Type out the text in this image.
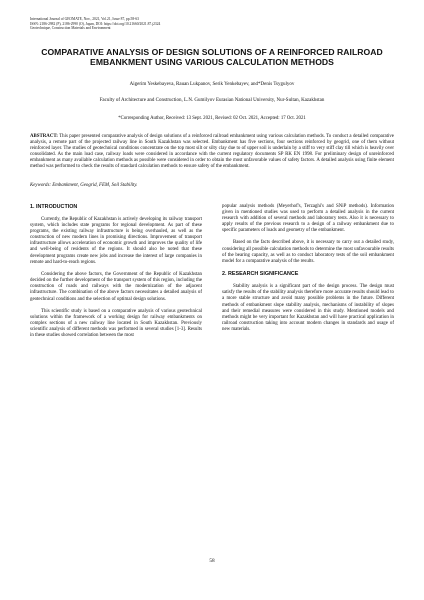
International Journal of GEOMATE, Nov., 2021, Vol.21, Issue 87, pp.58-63
ISSN: 2186-2982 (P), 2186-2990 (O), Japan, DOI: https://doi.org/10.21660/2021.87.j2324
Geotechnique, Construction Materials and Environment
COMPARATIVE ANALYSIS OF DESIGN SOLUTIONS OF A REINFORCED RAILROAD EMBANKMENT USING VARIOUS CALCULATION METHODS
Aigerim Yeskebayeva, Rauan Lukpanov, Serik Yenkebayev, and*Denis Tsygulyov
Faculty of Architecture and Construction, L.N. Gumilyov Eurasian National University, Nur-Sultan, Kazakhstan
*Corresponding Author, Received: 13 Sept. 2021, Revised: 02 Oct. 2021, Accepted: 17 Oct. 2021
ABSTRACT: This paper presented comparative analysis of design solutions of a reinforced railroad embankment using various calculation methods. To conduct a detailed comparative analysis, a remote part of the projected railway line in South Kazakhstan was selected. Embankment has five sections, four sections reinforced by geogrid, one of them without reinforced layer. The studies of geotechnical conditions concentrate on the top most silt or silty clay due to of upper soil is underlain by a stiff to very stiff clay till which is heavily over consolidated. As the main load case, railway loads were considered in accordance with the current regulatory documents SP RK EN 1998. For preliminary design of unreinforced embankment as many available calculation methods as possible were considered in order to obtain the most unfavorable values of safety factors. A detailed analysis using finite element method was performed to check the results of standard calculation methods to ensure safety of the embankment.
Keywords: Embankment, Geogrid, FEM, Soil Stability.
1. INTRODUCTION

Currently, the Republic of Kazakhstan is actively developing its railway transport system, which includes state programs for regional development. As part of these programs, the existing railway infrastructure is being overhauled, as well as the construction of new modern lines in promising directions. Improvement of transport infrastructure allows acceleration of economic growth and improves the quality of life and well-being of residents of the regions. It should also be noted that these development programs create new jobs and increase the interest of large companies in remote and hard-to-reach regions.

Considering the above factors, the Government of the Republic of Kazakhstan decided on the further development of the transport system of this region, including the construction of roads and railways with the modernization of the adjacent infrastructure. The combination of the above factors necessitates a detailed analysis of geotechnical conditions and the selection of optimal design solutions.

This scientific study is based on a comparative analysis of various geotechnical solutions within the framework of a working design for railway embankments on complex sections of a new railway line located in South Kazakhstan. Previously scientific analysis of different methods was performed in several studies [1-3]. Results in these studies showed correlation between the most

popular analysis methods (Meyerhof's, Terzaghi's and SNiP methods). Information given in mentioned studies was used to perform a detailed analysis in the current research with addition of several methods and laboratory tests. Also it is necessary to apply results of the previous research to a design of a railway embankment due to specific parameters of loads and geometry of the embankment.

Based on the facts described above, it is necessary to carry out a detailed study, considering all possible calculation methods to determine the most unfavourable results of the bearing capacity, as well as to conduct laboratory tests of the soil embankment model for a comparative analysis of the results.

2. RESEARCH SIGNIFICANCE

Stability analysis is a significant part of the design process. The design must satisfy the results of the stability analysis therefore more accurate results should lead to a more stable structure and avoid many possible problems in the future. Different methods of embankment slope stability analysis, mechanisms of instability of slopes and their remedial measures were considered in this study. Mentioned models and methods might be very important for Kazakhstan and will have practical application in railroad construction taking into account modern changes in standards and usage of new materials.

58
